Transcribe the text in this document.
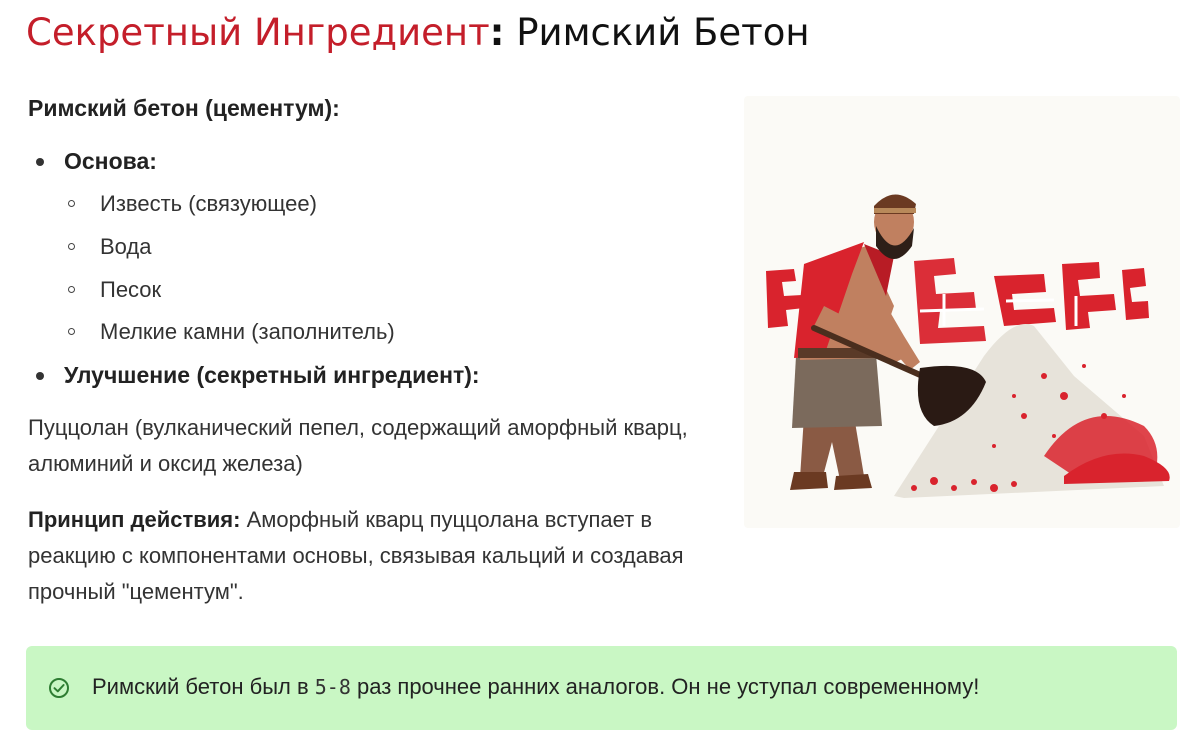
Секретный Ингредиент: Римский Бетон
Римский бетон (цементум):
Основа:
Известь (связующее)
Вода
Песок
Мелкие камни (заполнитель)
Улучшение (секретный ингредиент):

Пуццолан (вулканический пепел, содержащий аморфный кварц, алюминий и оксид железа)

Принцип действия: Аморфный кварц пуццолана вступает в реакцию с компонентами основы, связывая кальций и создавая прочный "цементум".

Римский бетон был в 5-8 раз прочнее ранних аналогов. Он не уступал современному!
